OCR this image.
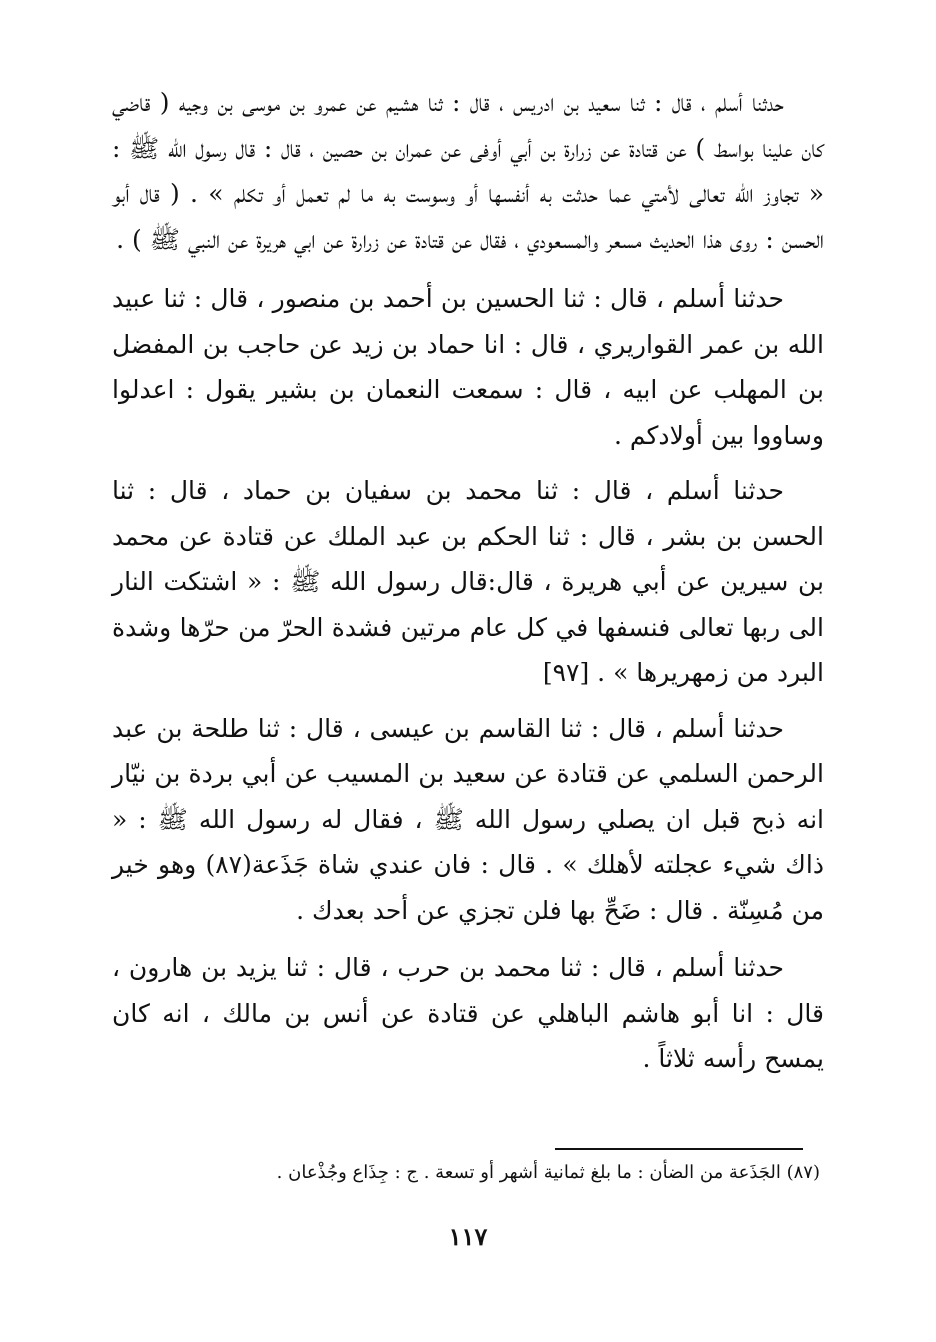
حدثنا أسلم ، قال : ثنا سعيد بن ادريس ، قال : ثنا هشيم عن عمرو بن موسى بن وجيه ( قاضي كان علينا بواسط ) عن قتادة عن زرارة بن أبي أوفى عن عمران بن حصين ، قال : قال رسول الله ﷺ : « تجاوز الله تعالى لأمتي عما حدثت به أنفسها أو وسوست به ما لم تعمل أو تكلم » . ( قال أبو الحسن : روى هذا الحديث مسعر والمسعودي ، فقال عن قتادة عن زرارة عن ابي هريرة عن النبي ﷺ ) .

حدثنا أسلم ، قال : ثنا الحسين بن أحمد بن منصور ، قال : ثنا عبيد الله بن عمر القواريري ، قال : انا حماد بن زيد عن حاجب بن المفضل بن المهلب عن ابيه ، قال : سمعت النعمان بن بشير يقول : اعدلوا وساووا بين أولادكم .

حدثنا أسلم ، قال : ثنا محمد بن سفيان بن حماد ، قال : ثنا الحسن بن بشر ، قال : ثنا الحكم بن عبد الملك عن قتادة عن محمد بن سيرين عن أبي هريرة ، قال:قال رسول الله ﷺ : « اشتكت النار الى ربها تعالى فنسفها في كل عام مرتين فشدة الحرّ من حرّها وشدة البرد من زمهريرها » . [٩٧]

حدثنا أسلم ، قال : ثنا القاسم بن عيسى ، قال : ثنا طلحة بن عبد الرحمن السلمي عن قتادة عن سعيد بن المسيب عن أبي بردة بن نيّار انه ذبح قبل ان يصلي رسول الله ﷺ ، فقال له رسول الله ﷺ : « ذاك شيء عجلته لأهلك » . قال : فان عندي شاة جَذَعة(٨٧) وهو خير من مُسِنّة . قال : ضَحِّ بها فلن تجزي عن أحد بعدك .

حدثنا أسلم ، قال : ثنا محمد بن حرب ، قال : ثنا يزيد بن هارون ، قال : انا أبو هاشم الباهلي عن قتادة عن أنس بن مالك ، انه كان يمسح رأسه ثلاثاً .

(٨٧) الجَذَعة من الضأن : ما بلغ ثمانية أشهر أو تسعة . ج : جِذَاع وجُذْعان .
١١٧
